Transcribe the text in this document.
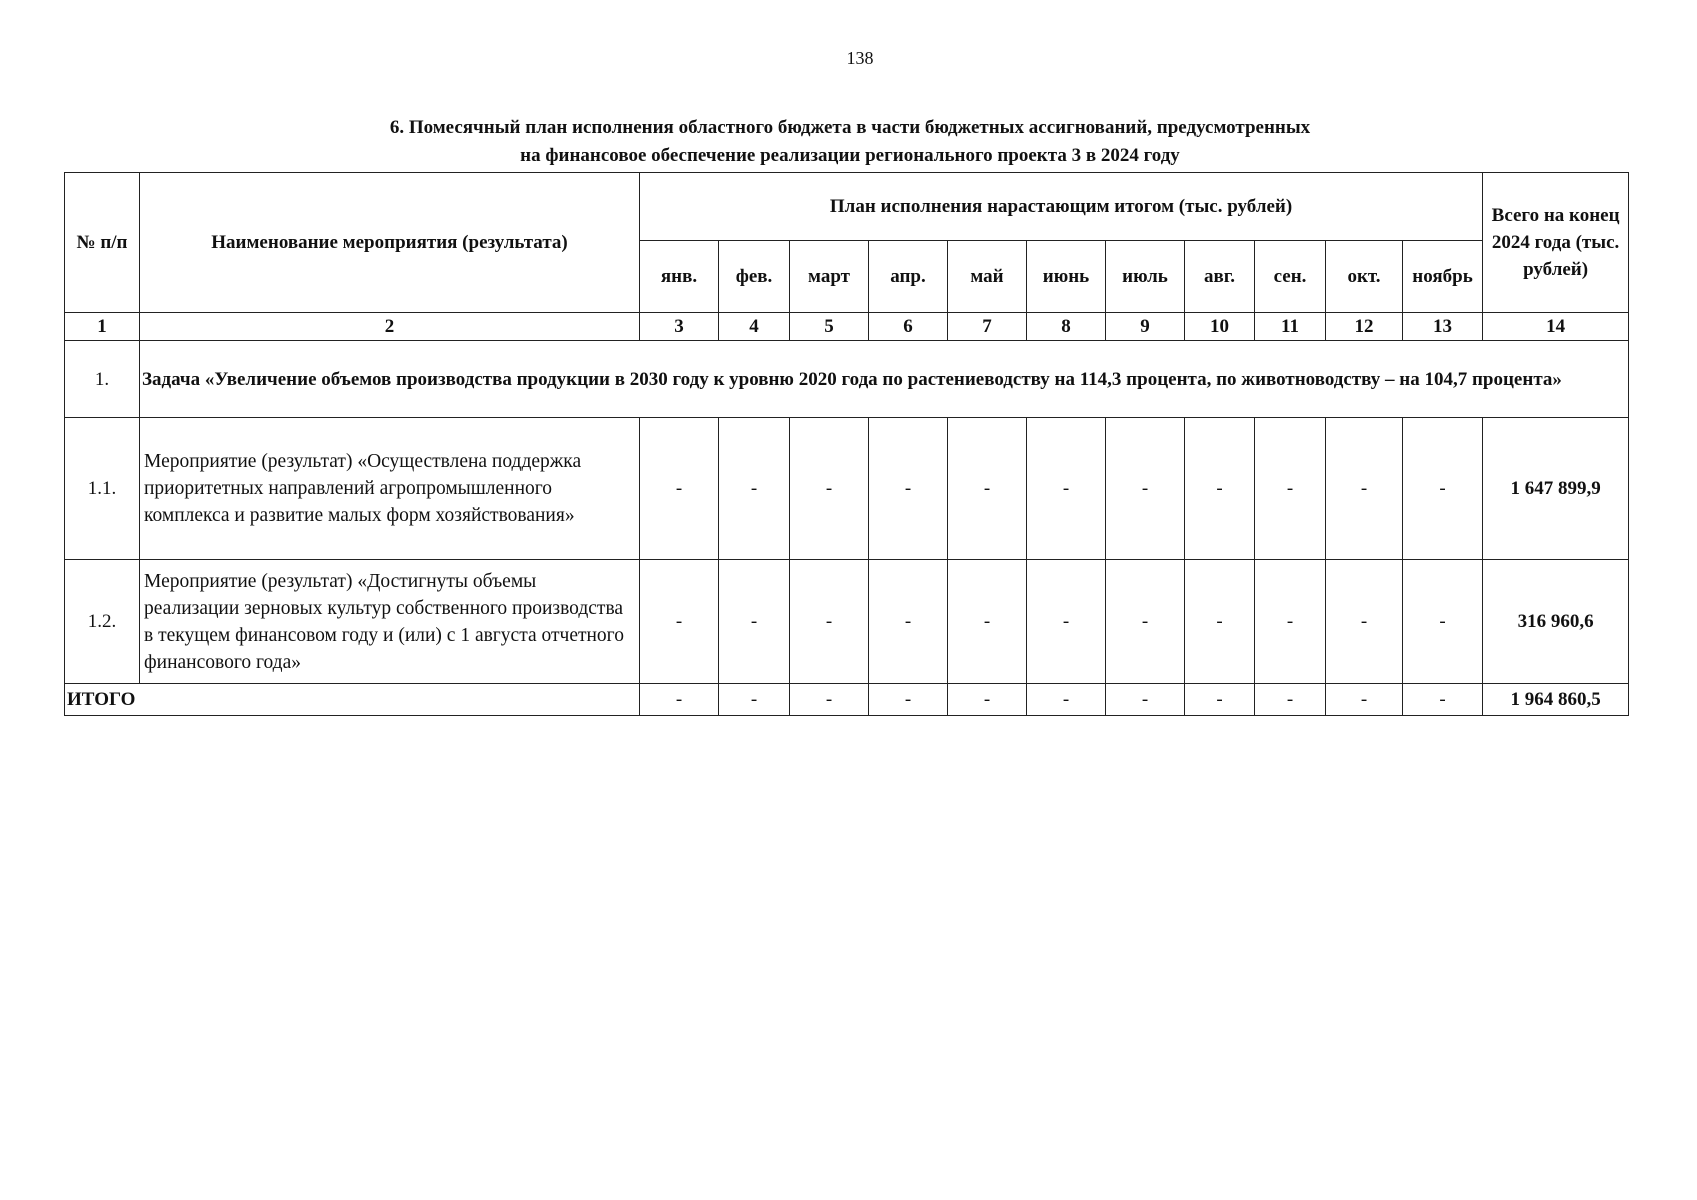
138
6. Помесячный план исполнения областного бюджета в части бюджетных ассигнований, предусмотренных
на финансовое обеспечение реализации регионального проекта 3 в 2024 году
№ п/п	Наименование мероприятия (результата)	План исполнения нарастающим итогом (тыс. рублей)											Всего на конец 2024 года (тыс. рублей)
		янв.	фев.	март	апр.	май	июнь	июль	авг.	сен.	окт.	ноябрь	
1	2	3	4	5	6	7	8	9	10	11	12	13	14
1.	Задача «Увеличение объемов производства продукции в 2030 году к уровню 2020 года по растениеводству на 114,3 процента, по животноводству – на 104,7 процента»												
1.1.	Мероприятие (результат) «Осуществлена поддержка приоритетных направлений агропромышленного комплекса и развитие малых форм хозяйствования»	-	-	-	-	-	-	-	-	-	-	-	1 647 899,9
1.2.	Мероприятие (результат) «Достигнуты объемы реализации зерновых культур собственного производства в текущем финансовом году и (или) с 1 августа отчетного финансового года»	-	-	-	-	-	-	-	-	-	-	-	316 960,6
ИТОГО		-	-	-	-	-	-	-	-	-	-	-	1 964 860,5
